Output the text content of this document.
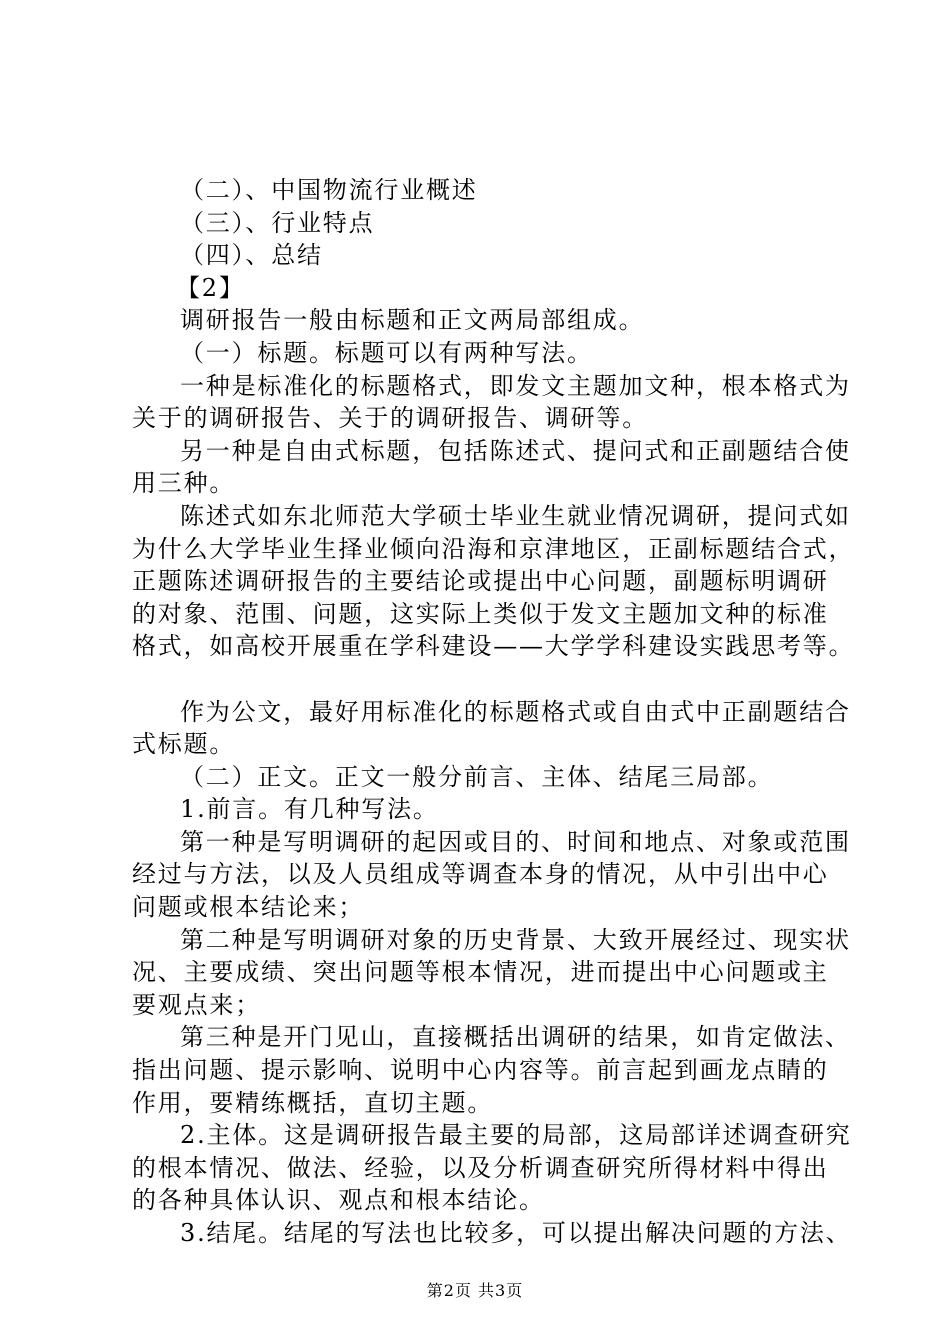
（二）、中国物流行业概述

（三）、行业特点

（四）、总结

【2】

调研报告一般由标题和正文两局部组成。

（一）标题。标题可以有两种写法。

一种是标准化的标题格式，即发文主题加文种，根本格式为

关于的调研报告、关于的调研报告、调研等。

另一种是自由式标题，包括陈述式、提问式和正副题结合使

用三种。

陈述式如东北师范大学硕士毕业生就业情况调研，提问式如

为什么大学毕业生择业倾向沿海和京津地区，正副标题结合式，

正题陈述调研报告的主要结论或提出中心问题，副题标明调研

的对象、范围、问题，这实际上类似于发文主题加文种的标准

格式，如高校开展重在学科建设——大学学科建设实践思考等。

作为公文，最好用标准化的标题格式或自由式中正副题结合

式标题。

（二）正文。正文一般分前言、主体、结尾三局部。

1.前言。有几种写法。

第一种是写明调研的起因或目的、时间和地点、对象或范围

经过与方法，以及人员组成等调查本身的情况，从中引出中心

问题或根本结论来；

第二种是写明调研对象的历史背景、大致开展经过、现实状

况、主要成绩、突出问题等根本情况，进而提出中心问题或主

要观点来；

第三种是开门见山，直接概括出调研的结果，如肯定做法、

指出问题、提示影响、说明中心内容等。前言起到画龙点睛的

作用，要精练概括，直切主题。

2.主体。这是调研报告最主要的局部，这局部详述调查研究

的根本情况、做法、经验，以及分析调查研究所得材料中得出

的各种具体认识、观点和根本结论。

3.结尾。结尾的写法也比较多，可以提出解决问题的方法、

第2页 共3页
